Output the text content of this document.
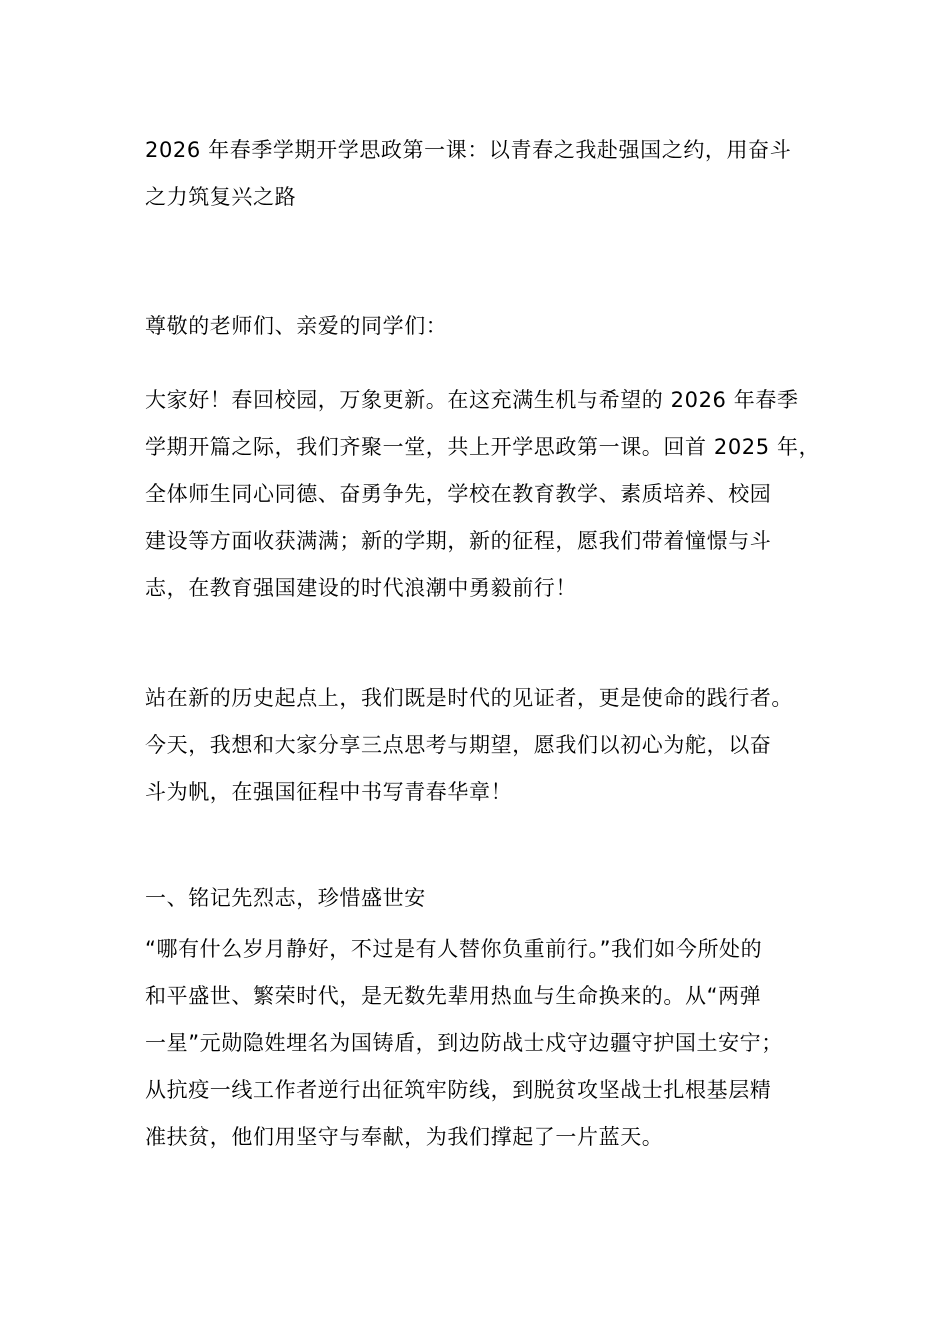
2026 年春季学期开学思政第一课：以青春之我赴强国之约，用奋斗
之力筑复兴之路
尊敬的老师们、亲爱的同学们：
大家好！春回校园，万象更新。在这充满生机与希望的 2026 年春季
学期开篇之际，我们齐聚一堂，共上开学思政第一课。回首 2025 年，
全体师生同心同德、奋勇争先，学校在教育教学、素质培养、校园
建设等方面收获满满；新的学期，新的征程，愿我们带着憧憬与斗
志，在教育强国建设的时代浪潮中勇毅前行！
站在新的历史起点上，我们既是时代的见证者，更是使命的践行者。
今天，我想和大家分享三点思考与期望，愿我们以初心为舵，以奋
斗为帆，在强国征程中书写青春华章！
一、铭记先烈志，珍惜盛世安
“哪有什么岁月静好，不过是有人替你负重前行。”我们如今所处的
和平盛世、繁荣时代，是无数先辈用热血与生命换来的。从“两弹
一星”元勋隐姓埋名为国铸盾，到边防战士戍守边疆守护国土安宁；
从抗疫一线工作者逆行出征筑牢防线，到脱贫攻坚战士扎根基层精
准扶贫，他们用坚守与奉献，为我们撑起了一片蓝天。
